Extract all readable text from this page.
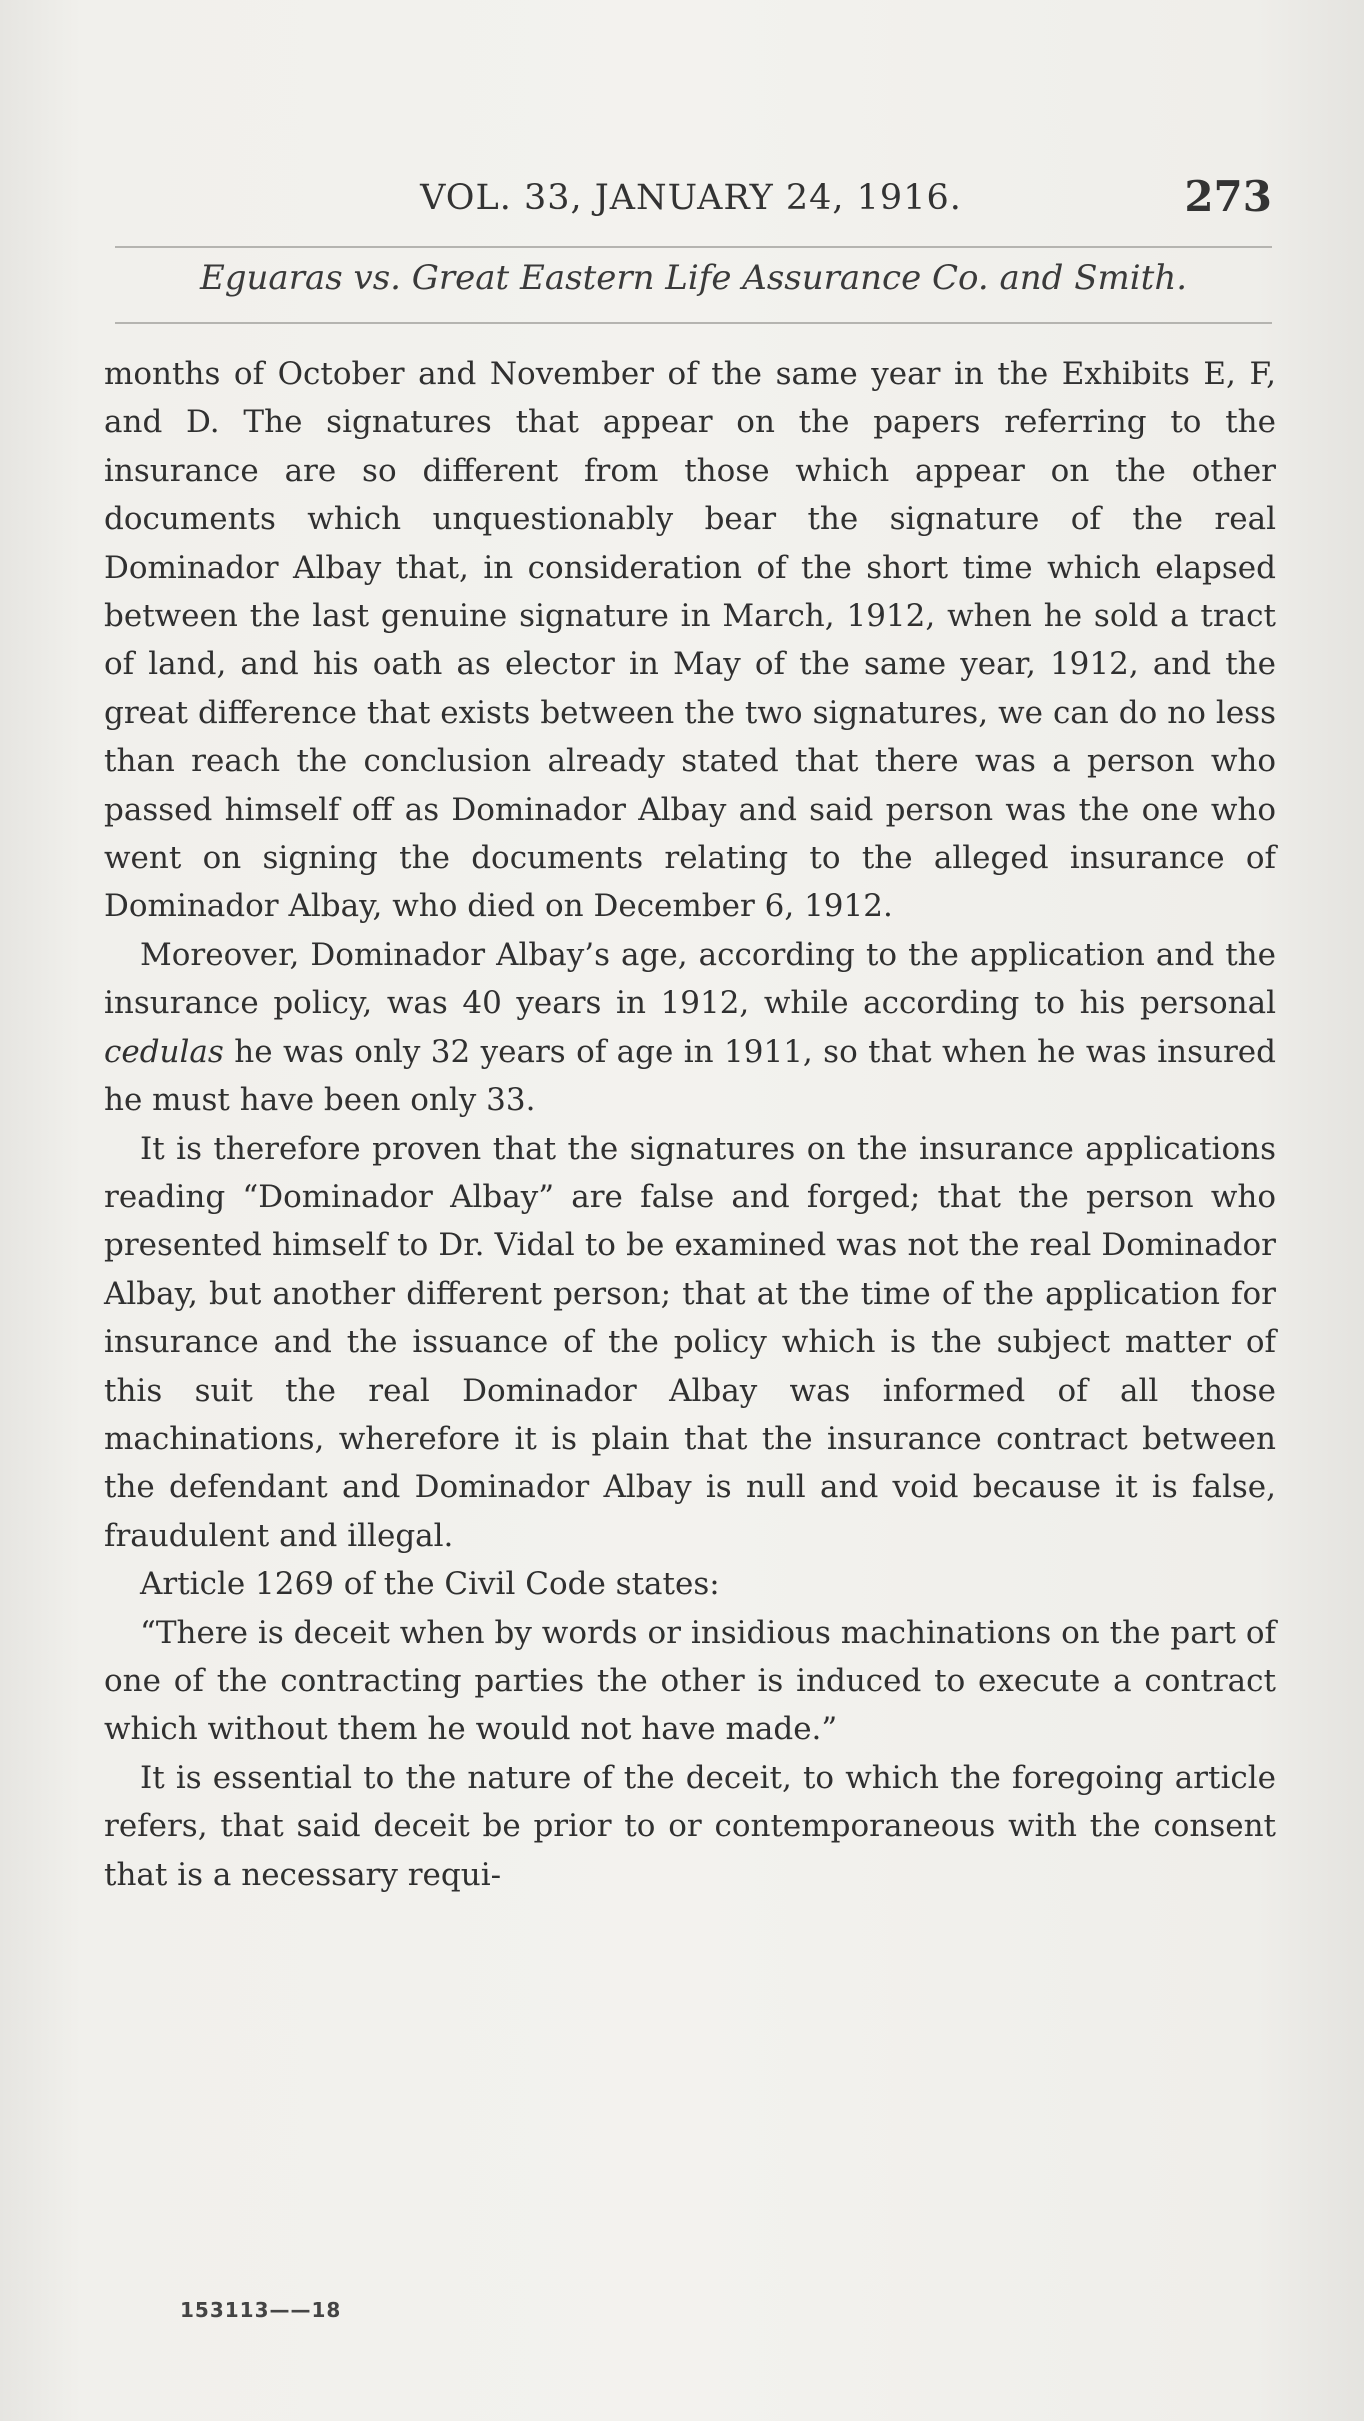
VOL. 33, JANUARY 24, 1916.	273
Eguaras vs. Great Eastern Life Assurance Co. and Smith.

months of October and November of the same year in the Exhibits E, F, and D. The signatures that appear on the papers referring to the insurance are so different from those which appear on the other documents which unquestionably bear the signature of the real Dominador Albay that, in consideration of the short time which elapsed between the last genuine signature in March, 1912, when he sold a tract of land, and his oath as elector in May of the same year, 1912, and the great difference that exists between the two signatures, we can do no less than reach the conclusion already stated that there was a person who passed himself off as Dominador Albay and said person was the one who went on signing the documents relating to the alleged insurance of Dominador Albay, who died on December 6, 1912.

Moreover, Dominador Albay’s age, according to the application and the insurance policy, was 40 years in 1912, while according to his personal cedulas he was only 32 years of age in 1911, so that when he was insured he must have been only 33.

It is therefore proven that the signatures on the insurance applications reading “Dominador Albay” are false and forged; that the person who presented himself to Dr. Vidal to be examined was not the real Dominador Albay, but another different person; that at the time of the application for insurance and the issuance of the policy which is the subject matter of this suit the real Dominador Albay was informed of all those machinations, wherefore it is plain that the insurance contract between the defendant and Dominador Albay is null and void because it is false, fraudulent and illegal.

Article 1269 of the Civil Code states:

“There is deceit when by words or insidious machinations on the part of one of the contracting parties the other is induced to execute a contract which without them he would not have made.”

It is essential to the nature of the deceit, to which the foregoing article refers, that said deceit be prior to or contemporaneous with the consent that is a necessary requi-

153113——18
